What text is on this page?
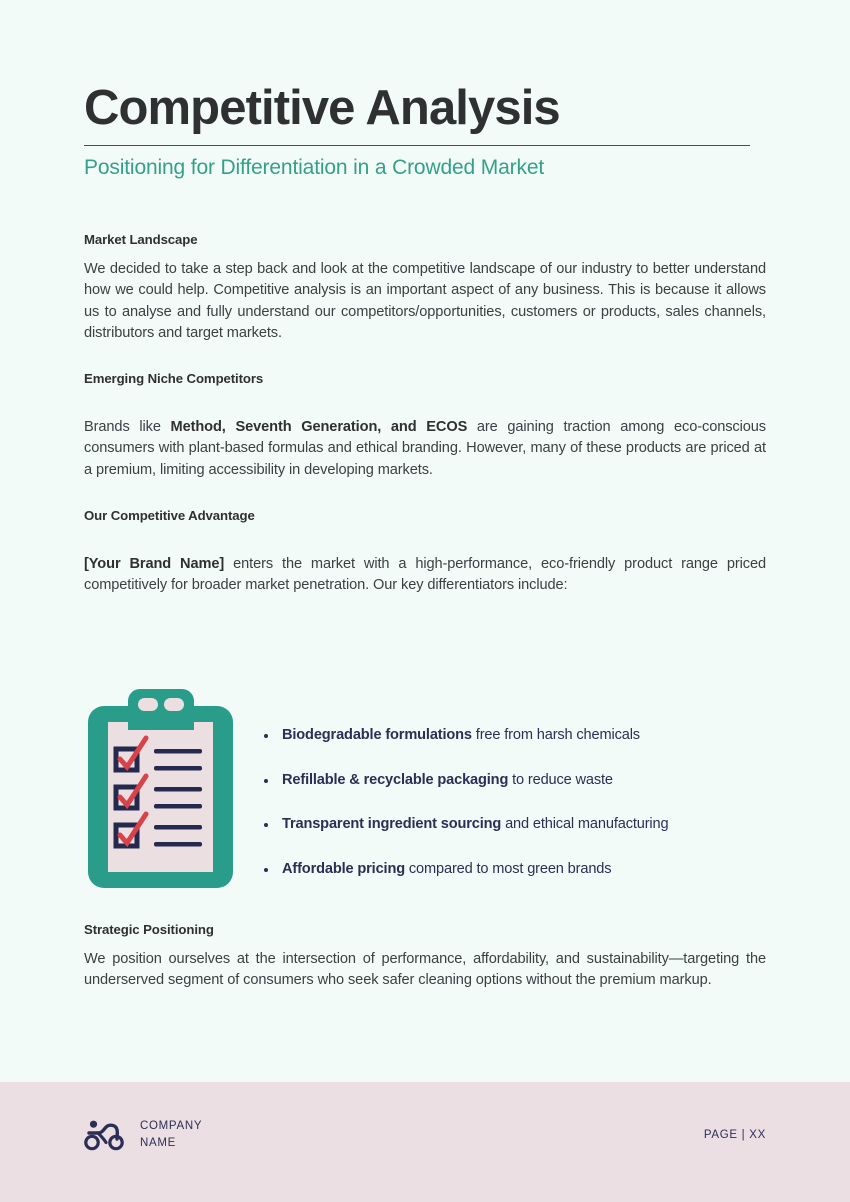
Competitive Analysis
Positioning for Differentiation in a Crowded Market
Market Landscape

We decided to take a step back and look at the competitive landscape of our industry to better understand how we could help. Competitive analysis is an important aspect of any business. This is because it allows us to analyse and fully understand our competitors/opportunities, customers or products, sales channels, distributors and target markets.

Emerging Niche Competitors

Brands like Method, Seventh Generation, and ECOS are gaining traction among eco-conscious consumers with plant-based formulas and ethical branding. However, many of these products are priced at a premium, limiting accessibility in developing markets.

Our Competitive Advantage

[Your Brand Name] enters the market with a high-performance, eco-friendly product range priced competitively for broader market penetration. Our key differentiators include:

Biodegradable formulations free from harsh chemicals
Refillable & recyclable packaging to reduce waste
Transparent ingredient sourcing and ethical manufacturing
Affordable pricing compared to most green brands
Strategic Positioning

We position ourselves at the intersection of performance, affordability, and sustainability—targeting the underserved segment of consumers who seek safer cleaning options without the premium markup.

COMPANY
NAME
PAGE | XX
